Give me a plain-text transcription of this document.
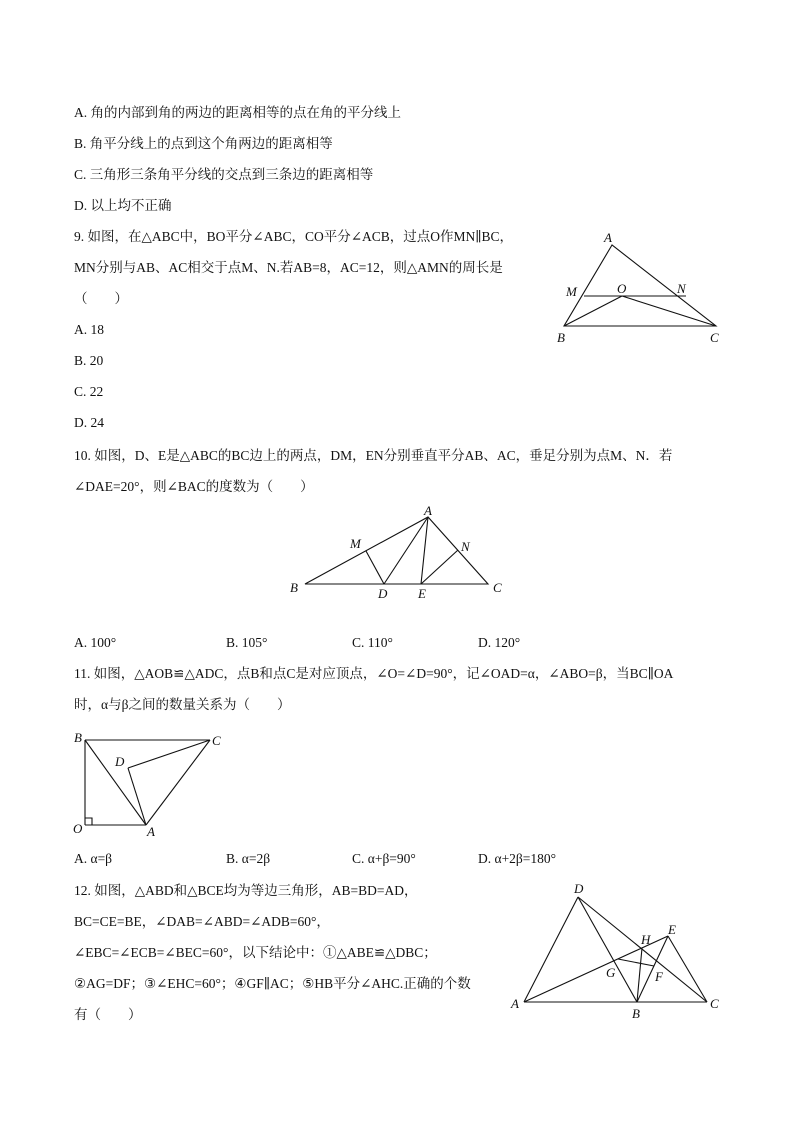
A. 角的内部到角的两边的距离相等的点在角的平分线上
B. 角平分线上的点到这个角两边的距离相等
C. 三角形三条角平分线的交点到三条边的距离相等
D. 以上均不正确
9. 如图，在△ABC中，BO平分∠ABC，CO平分∠ACB，过点O作MN∥BC，
MN分别与AB、AC相交于点M、N.若AB=8，AC=12，则△AMN的周长是
（　　）
A. 18
B. 20
C. 22
D. 24
A
M	O	N
B	C
10. 如图，D、E是△ABC的BC边上的两点，DM，EN分别垂直平分AB、AC，垂足分别为点M、N．若
∠DAE=20°，则∠BAC的度数为（　　）
A
M	N
B	D E	C
A. 100°	B. 105°	C. 110°	D. 120°
11. 如图，△AOB≌△ADC，点B和点C是对应顶点，∠O=∠D=90°，记∠OAD=α，∠ABO=β，当BC∥OA
时，α与β之间的数量关系为（　　）
B	C
D
O	A
A. α=β	B. α=2β	C. α+β=90°	D. α+2β=180°
12. 如图，△ABD和△BCE均为等边三角形，AB=BD=AD，
BC=CE=BE，∠DAB=∠ABD=∠ADB=60°，
∠EBC=∠ECB=∠BEC=60°，以下结论中：①△ABE≌△DBC；
②AG=DF；③∠EHC=60°；④GF∥AC；⑤HB平分∠AHC.正确的个数
有（　　）
D
H
E
G	F
A
B
C
